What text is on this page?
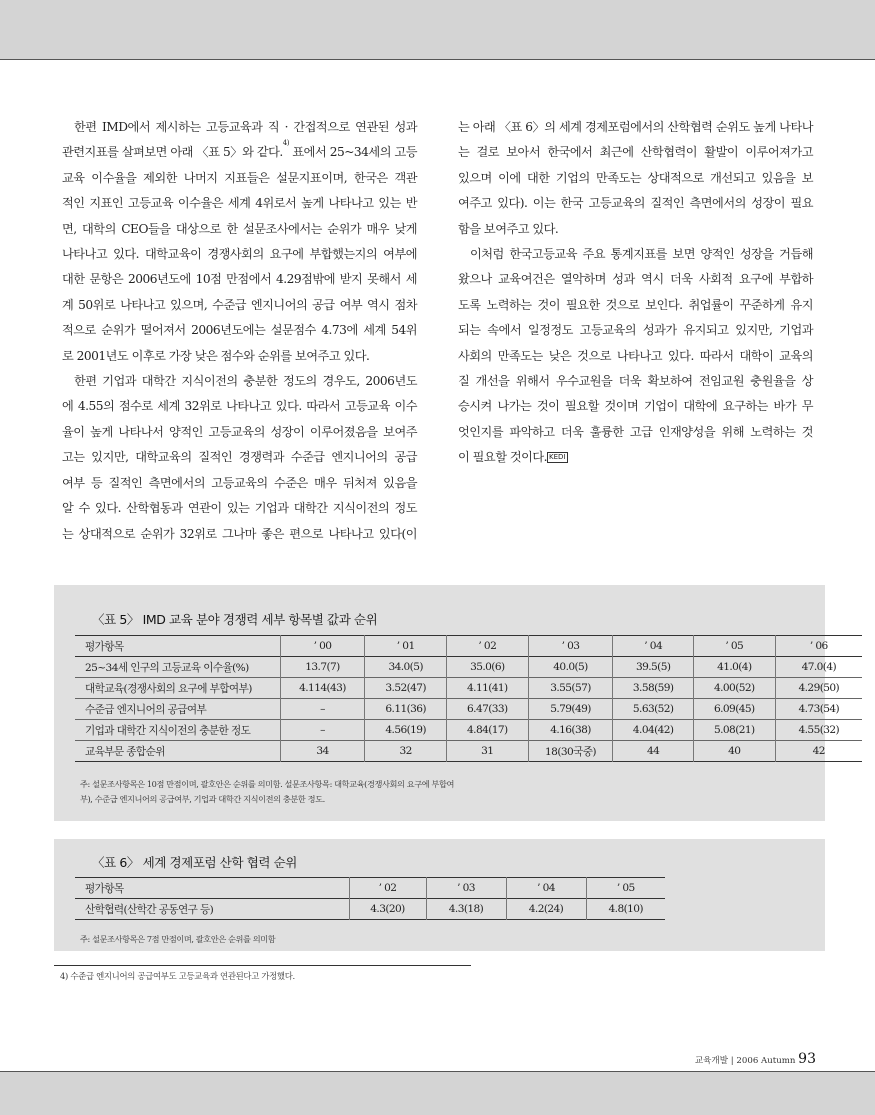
한편 IMD에서 제시하는 고등교육과 직 · 간접적으로 연관된 성과

관련지표를 살펴보면 아래 〈표 5〉와 같다.$^{4)}$ 표에서 25~34세의 고등

교육 이수율을 제외한 나머지 지표들은 설문지표이며, 한국은 객관

적인 지표인 고등교육 이수율은 세계 4위로서 높게 나타나고 있는 반

면, 대학의 CEO들을 대상으로 한 설문조사에서는 순위가 매우 낮게

나타나고 있다. 대학교육이 경쟁사회의 요구에 부합했는지의 여부에

대한 문항은 2006년도에 10점 만점에서 4.29점밖에 받지 못해서 세

계 50위로 나타나고 있으며, 수준급 엔지니어의 공급 여부 역시 점차

적으로 순위가 떨어져서 2006년도에는 설문점수 4.73에 세계 54위

로 2001년도 이후로 가장 낮은 점수와 순위를 보여주고 있다.

한편 기업과 대학간 지식이전의 충분한 정도의 경우도, 2006년도

에 4.55의 점수로 세계 32위로 나타나고 있다. 따라서 고등교육 이수

율이 높게 나타나서 양적인 고등교육의 성장이 이루어졌음을 보여주

고는 있지만, 대학교육의 질적인 경쟁력과 수준급 엔지니어의 공급

여부 등 질적인 측면에서의 고등교육의 수준은 매우 뒤처져 있음을

알 수 있다. 산학협동과 연관이 있는 기업과 대학간 지식이전의 정도

는 상대적으로 순위가 32위로 그나마 좋은 편으로 나타나고 있다(이

는 아래 〈표 6〉의 세계 경제포럼에서의 산학협력 순위도 높게 나타나

는 걸로 보아서 한국에서 최근에 산학협력이 활발이 이루어져가고

있으며 이에 대한 기업의 만족도는 상대적으로 개선되고 있음을 보

여주고 있다). 이는 한국 고등교육의 질적인 측면에서의 성장이 필요

함을 보여주고 있다.

이처럼 한국고등교육 주요 통계지표를 보면 양적인 성장을 거듭해

왔으나 교육여건은 열악하며 성과 역시 더욱 사회적 요구에 부합하

도록 노력하는 것이 필요한 것으로 보인다. 취업률이 꾸준하게 유지

되는 속에서 일정정도 고등교육의 성과가 유지되고 있지만, 기업과

사회의 만족도는 낮은 것으로 나타나고 있다. 따라서 대학이 교육의

질 개선을 위해서 우수교원을 더욱 확보하여 전임교원 충원율을 상

승시켜 나가는 것이 필요할 것이며 기업이 대학에 요구하는 바가 무

엇인지를 파악하고 더욱 훌륭한 고급 인재양성을 위해 노력하는 것

이 필요할 것이다. KEDI

〈표 5〉 IMD 교육 분야 경쟁력 세부 항목별 값과 순위
평가항목	’ 00	’ 01	’ 02	’ 03	’ 04	’ 05	’ 06
25~34세 인구의 고등교육 이수율(%)	13.7(7)	34.0(5)	35.0(6)	40.0(5)	39.5(5)	41.0(4)	47.0(4)
대학교육(경쟁사회의 요구에 부합여부)	4.114(43)	3.52(47)	4.11(41)	3.55(57)	3.58(59)	4.00(52)	4.29(50)
수준급 엔지니어의 공급여부	–	6.11(36)	6.47(33)	5.79(49)	5.63(52)	6.09(45)	4.73(54)
기업과 대학간 지식이전의 충분한 정도	–	4.56(19)	4.84(17)	4.16(38)	4.04(42)	5.08(21)	4.55(32)
교육부문 종합순위	34	32	31	18(30국중)	44	40	42
주: 설문조사항목은 10점 만점이며, 괄호안은 순위를 의미함. 설문조사항목: 대학교육(경쟁사회의 요구에 부합여
부), 수준급 엔지니어의 공급여부, 기업과 대학간 지식이전의 충분한 정도.
〈표 6〉 세계 경제포럼 산학 협력 순위
평가항목	’ 02	’ 03	’ 04	’ 05
산학협력(산학간 공동연구 등)	4.3(20)	4.3(18)	4.2(24)	4.8(10)
주: 설문조사항목은 7점 만점이며, 괄호안은 순위를 의미함
4) 수준급 엔지니어의 공급여부도 고등교육과 연관된다고 가정했다.
교육개발 | 2006 Autumn 93
